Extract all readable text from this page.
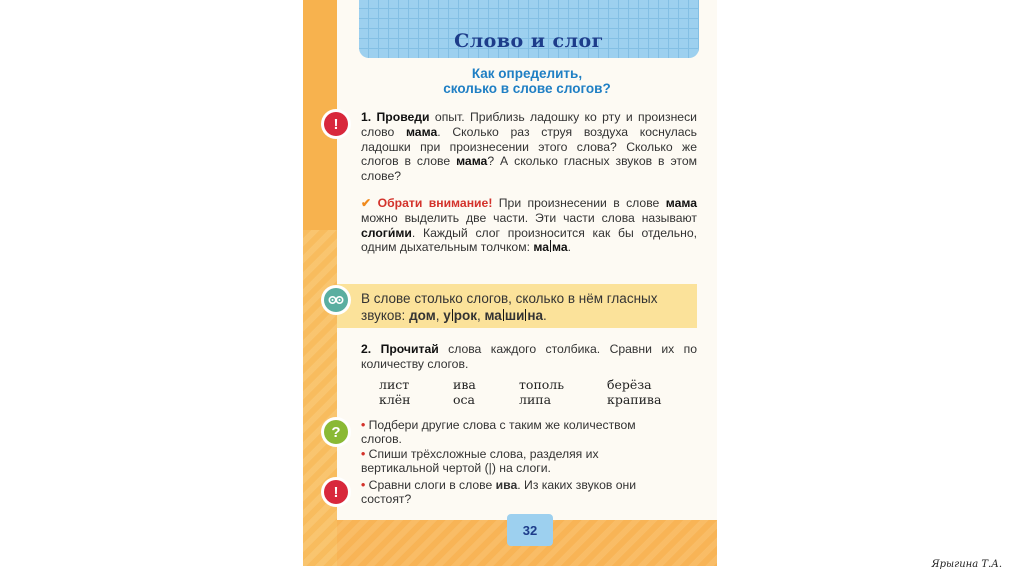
Слово и слог
Как определить,
сколько в слове слогов?
1. Проведи опыт. Приблизь ладошку ко рту и произнеси слово мама. Сколько раз струя воздуха коснулась ладошки при произнесении этого слова? Сколько же слогов в слове мама? А сколько гласных звуков в этом слове?
✔ Обрати внимание! При произнесении в слове мама можно выделить две части. Эти части слова называют слоги́ми. Каждый слог произносится как бы отдельно, одним дыхательным толчком: ма ма.
В слове столько слогов, сколько в нём гласных звуков: дом, у рок, ма ши на.
2. Прочитай слова каждого столбика. Сравни их по количеству слогов.
лист	ива	тополь	берёза
клён	оса	липа	крапива
• Подбери другие слова с таким же количеством слогов.
• Спиши трёхсложные слова, разделяя их вертикальной чертой (|) на слоги.
• Сравни слоги в слове ива. Из каких звуков они состоят?
!
?
!
32
Ярыгина Т.А.
